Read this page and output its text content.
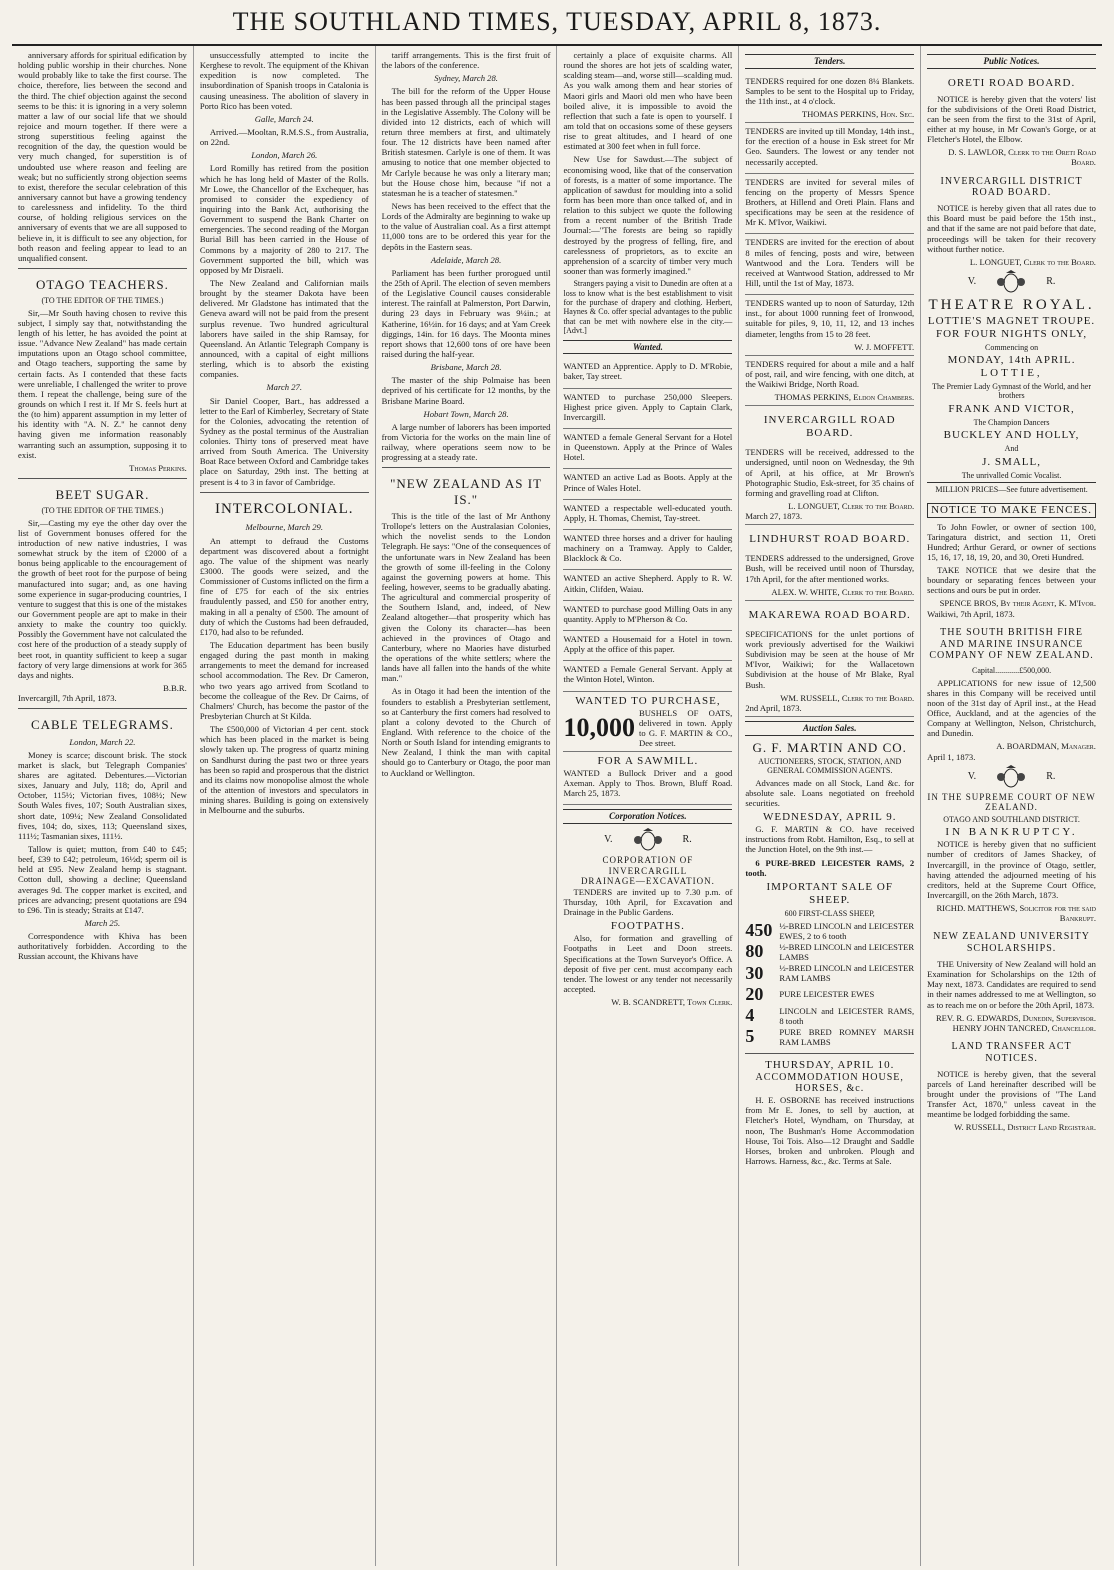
THE SOUTHLAND TIMES, TUESDAY, APRIL 8, 1873.

anniversary affords for spiritual edification by holding public worship in their churches. None would probably like to take the first course. The choice, therefore, lies between the second and the third. The chief objection against the second seems to be this: it is ignoring in a very solemn matter a law of our social life that we should rejoice and mourn together. If there were a strong superstitious feeling against the recognition of the day, the question would be very much changed, for superstition is of undoubted use where reason and feeling are weak; but no sufficiently strong objection seems to exist, therefore the secular celebration of this anniversary cannot but have a growing tendency to carelessness and infidelity. To the third course, of holding religious services on the anniversary of events that we are all supposed to believe in, it is difficult to see any objection, for both reason and feeling appear to lead to an unqualified consent.

OTAGO TEACHERS.
(TO THE EDITOR OF THE TIMES.)

Sir,—Mr South having chosen to revive this subject, I simply say that, notwithstanding the length of his letter, he has avoided the point at issue. "Advance New Zealand" has made certain imputations upon an Otago school committee, and Otago teachers, supporting the same by certain facts. As I contended that these facts were unreliable, I challenged the writer to prove them. I repeat the challenge, being sure of the grounds on which I rest it. If Mr S. feels hurt at the (to him) apparent assumption in my letter of his identity with "A. N. Z." he cannot deny having given me information reasonably warranting such an assumption, supposing it to exist.

Thomas Perkins.
BEET SUGAR.
(TO THE EDITOR OF THE TIMES.)

Sir,—Casting my eye the other day over the list of Government bonuses offered for the introduction of new native industries, I was somewhat struck by the item of £2000 of a bonus being applicable to the encouragement of the growth of beet root for the purpose of being manufactured into sugar; and, as one having some experience in sugar-producing countries, I venture to suggest that this is one of the mistakes our Government people are apt to make in their anxiety to make the country too quickly. Possibly the Government have not calculated the cost here of the production of a steady supply of beet root, in quantity sufficient to keep a sugar factory of very large dimensions at work for 365 days and nights.

B.B.R.
Invercargill, 7th April, 1873.
CABLE TELEGRAMS.
London, March 22.

Money is scarce; discount brisk. The stock market is slack, but Telegraph Companies' shares are agitated. Debentures.—Victorian sixes, January and July, 118; do, April and October, 115½; Victorian fives, 108½; New South Wales fives, 107; South Australian sixes, short date, 109¼; New Zealand Consolidated fives, 104; do, sixes, 113; Queensland sixes, 111½; Tasmanian sixes, 111½.

Tallow is quiet; mutton, from £40 to £45; beef, £39 to £42; petroleum, 16½d; sperm oil is held at £95. New Zealand hemp is stagnant. Cotton dull, showing a decline; Queensland averages 9d. The copper market is excited, and prices are advancing; present quotations are £94 to £96. Tin is steady; Straits at £147.

March 25.

Correspondence with Khiva has been authoritatively forbidden. According to the Russian account, the Khivans have

unsuccessfully attempted to incite the Kerghese to revolt. The equipment of the Khivan expedition is now completed. The insubordination of Spanish troops in Catalonia is causing uneasiness. The abolition of slavery in Porto Rico has been voted.

Galle, March 24.

Arrived.—Mooltan, R.M.S.S., from Australia, on 22nd.

London, March 26.

Lord Romilly has retired from the position which he has long held of Master of the Rolls. Mr Lowe, the Chancellor of the Exchequer, has promised to consider the expediency of inquiring into the Bank Act, authorising the Government to suspend the Bank Charter on emergencies. The second reading of the Morgan Burial Bill has been carried in the House of Commons by a majority of 280 to 217. The Government supported the bill, which was opposed by Mr Disraeli.

The New Zealand and Californian mails brought by the steamer Dakota have been delivered. Mr Gladstone has intimated that the Geneva award will not be paid from the present surplus revenue. Two hundred agricultural laborers have sailed in the ship Ramsay, for Queensland. An Atlantic Telegraph Company is announced, with a capital of eight millions sterling, which is to absorb the existing companies.

March 27.

Sir Daniel Cooper, Bart., has addressed a letter to the Earl of Kimberley, Secretary of State for the Colonies, advocating the retention of Sydney as the postal terminus of the Australian colonies. Thirty tons of preserved meat have arrived from South America. The University Boat Race between Oxford and Cambridge takes place on Saturday, 29th inst. The betting at present is 4 to 3 in favor of Cambridge.

INTERCOLONIAL.
Melbourne, March 29.

An attempt to defraud the Customs department was discovered about a fortnight ago. The value of the shipment was nearly £3000. The goods were seized, and the Commissioner of Customs inflicted on the firm a fine of £75 for each of the six entries fraudulently passed, and £50 for another entry, making in all a penalty of £500. The amount of duty of which the Customs had been defrauded, £170, had also to be refunded.

The Education department has been busily engaged during the past month in making arrangements to meet the demand for increased school accommodation. The Rev. Dr Cameron, who two years ago arrived from Scotland to become the colleague of the Rev. Dr Cairns, of Chalmers' Church, has become the pastor of the Presbyterian Church at St Kilda.

The £500,000 of Victorian 4 per cent. stock which has been placed in the market is being slowly taken up. The progress of quartz mining on Sandhurst during the past two or three years has been so rapid and prosperous that the district and its claims now monopolise almost the whole of the attention of investors and speculators in mining shares. Building is going on extensively in Melbourne and the suburbs.

tariff arrangements. This is the first fruit of the labors of the conference.

Sydney, March 28.

The bill for the reform of the Upper House has been passed through all the principal stages in the Legislative Assembly. The Colony will be divided into 12 districts, each of which will return three members at first, and ultimately four. The 12 districts have been named after British statesmen. Carlyle is one of them. It was amusing to notice that one member objected to Mr Carlyle because he was only a literary man; but the House chose him, because "if not a statesman he is a teacher of statesmen."

News has been received to the effect that the Lords of the Admiralty are beginning to wake up to the value of Australian coal. As a first attempt 11,000 tons are to be ordered this year for the depôts in the Eastern seas.

Adelaide, March 28.

Parliament has been further prorogued until the 25th of April. The election of seven members of the Legislative Council causes considerable interest. The rainfall at Palmerston, Port Darwin, during 23 days in February was 9¼in.; at Katherine, 16½in. for 16 days; and at Yam Creek diggings, 14in. for 16 days. The Moonta mines report shows that 12,600 tons of ore have been raised during the half-year.

Brisbane, March 28.

The master of the ship Polmaise has been deprived of his certificate for 12 months, by the Brisbane Marine Board.

Hobart Town, March 28.

A large number of laborers has been imported from Victoria for the works on the main line of railway, where operations seem now to be progressing at a steady rate.

"NEW ZEALAND AS IT IS."

This is the title of the last of Mr Anthony Trollope's letters on the Australasian Colonies, which the novelist sends to the London Telegraph. He says: "One of the consequences of the unfortunate wars in New Zealand has been the growth of some ill-feeling in the Colony against the governing powers at home. This feeling, however, seems to be gradually abating. The agricultural and commercial prosperity of the Southern Island, and, indeed, of New Zealand altogether—that prosperity which has given the Colony its character—has been achieved in the provinces of Otago and Canterbury, where no Maories have disturbed the operations of the white settlers; where the lands have all fallen into the hands of the white man."

As in Otago it had been the intention of the founders to establish a Presbyterian settlement, so at Canterbury the first comers had resolved to plant a colony devoted to the Church of England. With reference to the choice of the North or South Island for intending emigrants to New Zealand, I think the man with capital should go to Canterbury or Otago, the poor man to Auckland or Wellington.

certainly a place of exquisite charms. All round the shores are hot jets of scalding water, scalding steam—and, worse still—scalding mud. As you walk among them and hear stories of Maori girls and Maori old men who have been boiled alive, it is impossible to avoid the reflection that such a fate is open to yourself. I am told that on occasions some of these geysers rise to great altitudes, and I heard of one estimated at 300 feet when in full force.

New Use for Sawdust.—The subject of economising wood, like that of the conservation of forests, is a matter of some importance. The application of sawdust for moulding into a solid form has been more than once talked of, and in relation to this subject we quote the following from a recent number of the British Trade Journal:—"The forests are being so rapidly destroyed by the progress of felling, fire, and carelessness of proprietors, as to excite an apprehension of a scarcity of timber very much sooner than was formerly imagined."

Strangers paying a visit to Dunedin are often at a loss to know what is the best establishment to visit for the purchase of drapery and clothing. Herbert, Haynes & Co. offer special advantages to the public that can be met with nowhere else in the city.—[Advt.]

Wanted.

WANTED an Apprentice. Apply to D. M'Robie, baker, Tay street.

WANTED to purchase 250,000 Sleepers. Highest price given. Apply to Captain Clark, Invercargill.

WANTED a female General Servant for a Hotel in Queenstown. Apply at the Prince of Wales Hotel.

WANTED an active Lad as Boots. Apply at the Prince of Wales Hotel.

WANTED a respectable well-educated youth. Apply, H. Thomas, Chemist, Tay-street.

WANTED three horses and a driver for hauling machinery on a Tramway. Apply to Calder, Blacklock & Co.

WANTED an active Shepherd. Apply to R. W. Aitkin, Clifden, Waiau.

WANTED to purchase good Milling Oats in any quantity. Apply to M'Pherson & Co.

WANTED a Housemaid for a Hotel in town. Apply at the office of this paper.

WANTED a Female General Servant. Apply at the Winton Hotel, Winton.

WANTED TO PURCHASE,
10,000
BUSHELS OF OATS, delivered in town. Apply to G. F. MARTIN & CO., Dee street.
FOR A SAWMILL.

WANTED a Bullock Driver and a good Axeman. Apply to Thos. Brown, Bluff Road. March 25, 1873.

Corporation Notices.
V.	R.
CORPORATION OF INVERCARGILL
DRAINAGE—EXCAVATION.

TENDERS are invited up to 7.30 p.m. of Thursday, 10th April, for Excavation and Drainage in the Public Gardens.

FOOTPATHS.

Also, for formation and gravelling of Footpaths in Leet and Doon streets. Specifications at the Town Surveyor's Office. A deposit of five per cent. must accompany each tender. The lowest or any tender not necessarily accepted.

W. B. SCANDRETT, Town Clerk.
Tenders.

TENDERS required for one dozen 8¼ Blankets. Samples to be sent to the Hospital up to Friday, the 11th inst., at 4 o'clock.

THOMAS PERKINS, Hon. Sec.

TENDERS are invited up till Monday, 14th inst., for the erection of a house in Esk street for Mr Geo. Saunders. The lowest or any tender not necessarily accepted.

TENDERS are invited for several miles of fencing on the property of Messrs Spence Brothers, at Hillend and Oreti Plain. Flans and specifications may be seen at the residence of Mr K. M'Ivor, Waikiwi.

TENDERS are invited for the erection of about 8 miles of fencing, posts and wire, between Wantwood and the Lora. Tenders will be received at Wantwood Station, addressed to Mr Hill, until the 1st of May, 1873.

TENDERS wanted up to noon of Saturday, 12th inst., for about 1000 running feet of Ironwood, suitable for piles, 9, 10, 11, 12, and 13 inches diameter, lengths from 15 to 28 feet.

W. J. MOFFETT.

TENDERS required for about a mile and a half of post, rail, and wire fencing, with one ditch, at the Waikiwi Bridge, North Road.

THOMAS PERKINS, Eldon Chambers.
INVERCARGILL ROAD BOARD.

TENDERS will be received, addressed to the undersigned, until noon on Wednesday, the 9th of April, at his office, at Mr Brown's Photographic Studio, Esk-street, for 35 chains of forming and gravelling road at Clifton.

L. LONGUET, Clerk to the Board.
March 27, 1873.
LINDHURST ROAD BOARD.

TENDERS addressed to the undersigned, Grove Bush, will be received until noon of Thursday, 17th April, for the after mentioned works.

ALEX. W. WHITE, Clerk to the Board.
MAKAREWA ROAD BOARD.

SPECIFICATIONS for the unlet portions of work previously advertised for the Waikiwi Subdivision may be seen at the house of Mr M'Ivor, Waikiwi; for the Wallacetown Subdivision at the house of Mr Blake, Ryal Bush.

WM. RUSSELL, Clerk to the Board.
2nd April, 1873.
Auction Sales.
G. F. MARTIN AND CO.
AUCTIONEERS, STOCK, STATION, AND GENERAL COMMISSION AGENTS.

Advances made on all Stock, Land &c. for absolute sale. Loans negotiated on freehold securities.

WEDNESDAY, APRIL 9.

G. F. MARTIN & CO. have received instructions from Robt. Hamilton, Esq., to sell at the Junction Hotel, on the 9th inst.—

6 PURE-BRED LEICESTER RAMS, 2 tooth.

IMPORTANT SALE OF SHEEP.
600 FIRST-CLASS SHEEP,
450 ½-BRED LINCOLN and LEICESTER EWES, 2 to 6 tooth
80	½-BRED LINCOLN and LEICESTER LAMBS
30	½-BRED LINCOLN and LEICESTER RAM LAMBS
20	PURE LEICESTER EWES
4	LINCOLN and LEICESTER RAMS, 8 tooth
5	PURE BRED ROMNEY MARSH RAM LAMBS
THURSDAY, APRIL 10.
ACCOMMODATION HOUSE, HORSES, &c.

H. E. OSBORNE has received instructions from Mr E. Jones, to sell by auction, at Fletcher's Hotel, Wyndham, on Thursday, at noon, The Bushman's Home Accommodation House, Toi Tois. Also—12 Draught and Saddle Horses, broken and unbroken. Plough and Harrows. Harness, &c., &c. Terms at Sale.

Public Notices.
ORETI ROAD BOARD.

NOTICE is hereby given that the voters' list for the subdivisions of the Oreti Road District, can be seen from the first to the 31st of April, either at my house, in Mr Cowan's Gorge, or at Fletcher's Hotel, the Elbow.

D. S. LAWLOR, Clerk to the Oreti Road Board.
INVERCARGILL DISTRICT ROAD BOARD.

NOTICE is hereby given that all rates due to this Board must be paid before the 15th inst., and that if the same are not paid before that date, proceedings will be taken for their recovery without further notice.

L. LONGUET, Clerk to the Board.
V.	R.
THEATRE ROYAL.
LOTTIE'S MAGNET TROUPE.
FOR FOUR NIGHTS ONLY,
Commencing on
MONDAY, 14th APRIL.
LOTTIE,
The Premier Lady Gymnast of the World, and her brothers
FRANK AND VICTOR,
The Champion Dancers
BUCKLEY AND HOLLY,
And
J. SMALL,
The unrivalled Comic Vocalist.
MILLION PRICES—See future advertisement.
NOTICE TO MAKE FENCES.

To John Fowler, or owner of section 100, Taringatura district, and section 11, Oreti Hundred; Arthur Gerard, or owner of sections 15, 16, 17, 18, 19, 20, and 30, Oreti Hundred.

TAKE NOTICE that we desire that the boundary or separating fences between your sections and ours be put in order.

SPENCE BROS, By their Agent, K. M'Ivor.
Waikiwi, 7th April, 1873.
THE SOUTH BRITISH FIRE AND MARINE INSURANCE COMPANY OF NEW ZEALAND.
Capital............£500,000.

APPLICATIONS for new issue of 12,500 shares in this Company will be received until noon of the 31st day of April inst., at the Head Office, Auckland, and at the agencies of the Company at Wellington, Nelson, Christchurch, and Dunedin.

A. BOARDMAN, Manager.
April 1, 1873.
V.	R.
IN THE SUPREME COURT OF NEW ZEALAND.
OTAGO AND SOUTHLAND DISTRICT.
IN BANKRUPTCY.

NOTICE is hereby given that no sufficient number of creditors of James Shackey, of Invercargill, in the province of Otago, settler, having attended the adjourned meeting of his creditors, held at the Supreme Court Office, Invercargill, on the 26th March, 1873.

RICHD. MATTHEWS, Solicitor for the said Bankrupt.
NEW ZEALAND UNIVERSITY SCHOLARSHIPS.

THE University of New Zealand will hold an Examination for Scholarships on the 12th of May next, 1873. Candidates are required to send in their names addressed to me at Wellington, so as to reach me on or before the 20th April, 1873.

REV. R. G. EDWARDS, Dunedin, Supervisor. HENRY JOHN TANCRED, Chancellor.
LAND TRANSFER ACT NOTICES.

NOTICE is hereby given, that the several parcels of Land hereinafter described will be brought under the provisions of "The Land Transfer Act, 1870," unless caveat in the meantime be lodged forbidding the same.

W. RUSSELL, District Land Registrar.
